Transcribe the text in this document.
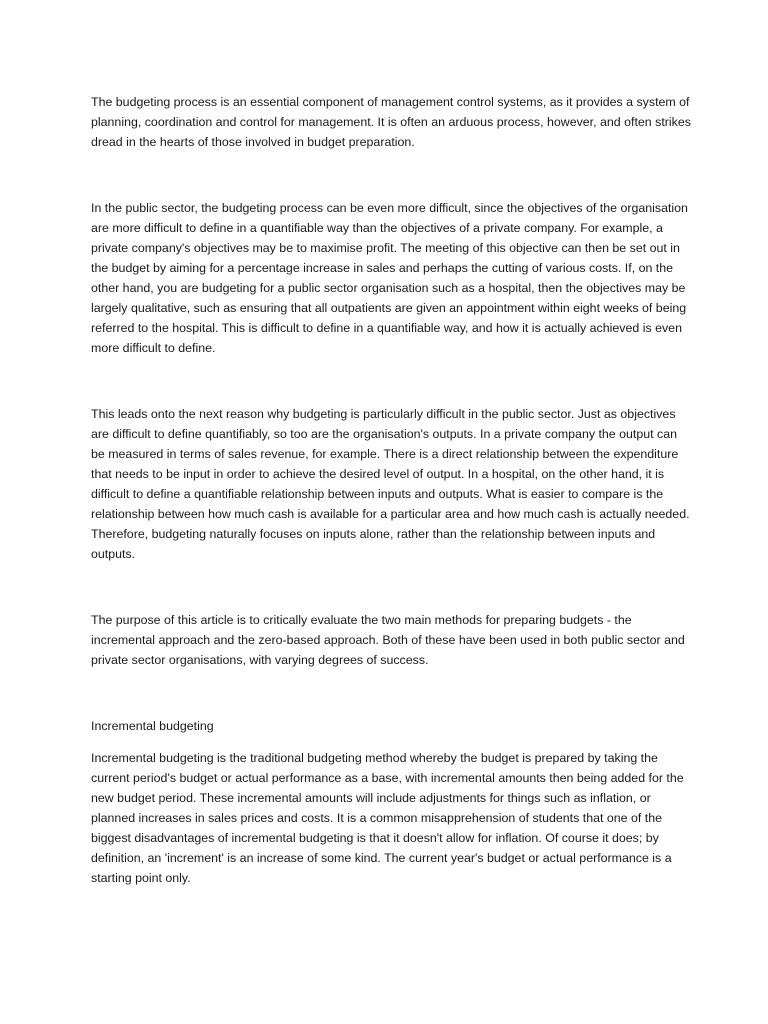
The budgeting process is an essential component of management control systems, as it provides a system of planning, coordination and control for management. It is often an arduous process, however, and often strikes dread in the hearts of those involved in budget preparation.

In the public sector, the budgeting process can be even more difficult, since the objectives of the organisation are more difficult to define in a quantifiable way than the objectives of a private company. For example, a private company's objectives may be to maximise profit. The meeting of this objective can then be set out in the budget by aiming for a percentage increase in sales and perhaps the cutting of various costs. If, on the other hand, you are budgeting for a public sector organisation such as a hospital, then the objectives may be largely qualitative, such as ensuring that all outpatients are given an appointment within eight weeks of being referred to the hospital. This is difficult to define in a quantifiable way, and how it is actually achieved is even more difficult to define.

This leads onto the next reason why budgeting is particularly difficult in the public sector. Just as objectives are difficult to define quantifiably, so too are the organisation's outputs. In a private company the output can be measured in terms of sales revenue, for example. There is a direct relationship between the expenditure that needs to be input in order to achieve the desired level of output. In a hospital, on the other hand, it is difficult to define a quantifiable relationship between inputs and outputs. What is easier to compare is the relationship between how much cash is available for a particular area and how much cash is actually needed. Therefore, budgeting naturally focuses on inputs alone, rather than the relationship between inputs and outputs.

The purpose of this article is to critically evaluate the two main methods for preparing budgets - the incremental approach and the zero-based approach. Both of these have been used in both public sector and private sector organisations, with varying degrees of success.

Incremental budgeting

Incremental budgeting is the traditional budgeting method whereby the budget is prepared by taking the current period's budget or actual performance as a base, with incremental amounts then being added for the new budget period. These incremental amounts will include adjustments for things such as inflation, or planned increases in sales prices and costs. It is a common misapprehension of students that one of the biggest disadvantages of incremental budgeting is that it doesn't allow for inflation. Of course it does; by definition, an 'increment' is an increase of some kind. The current year's budget or actual performance is a starting point only.
